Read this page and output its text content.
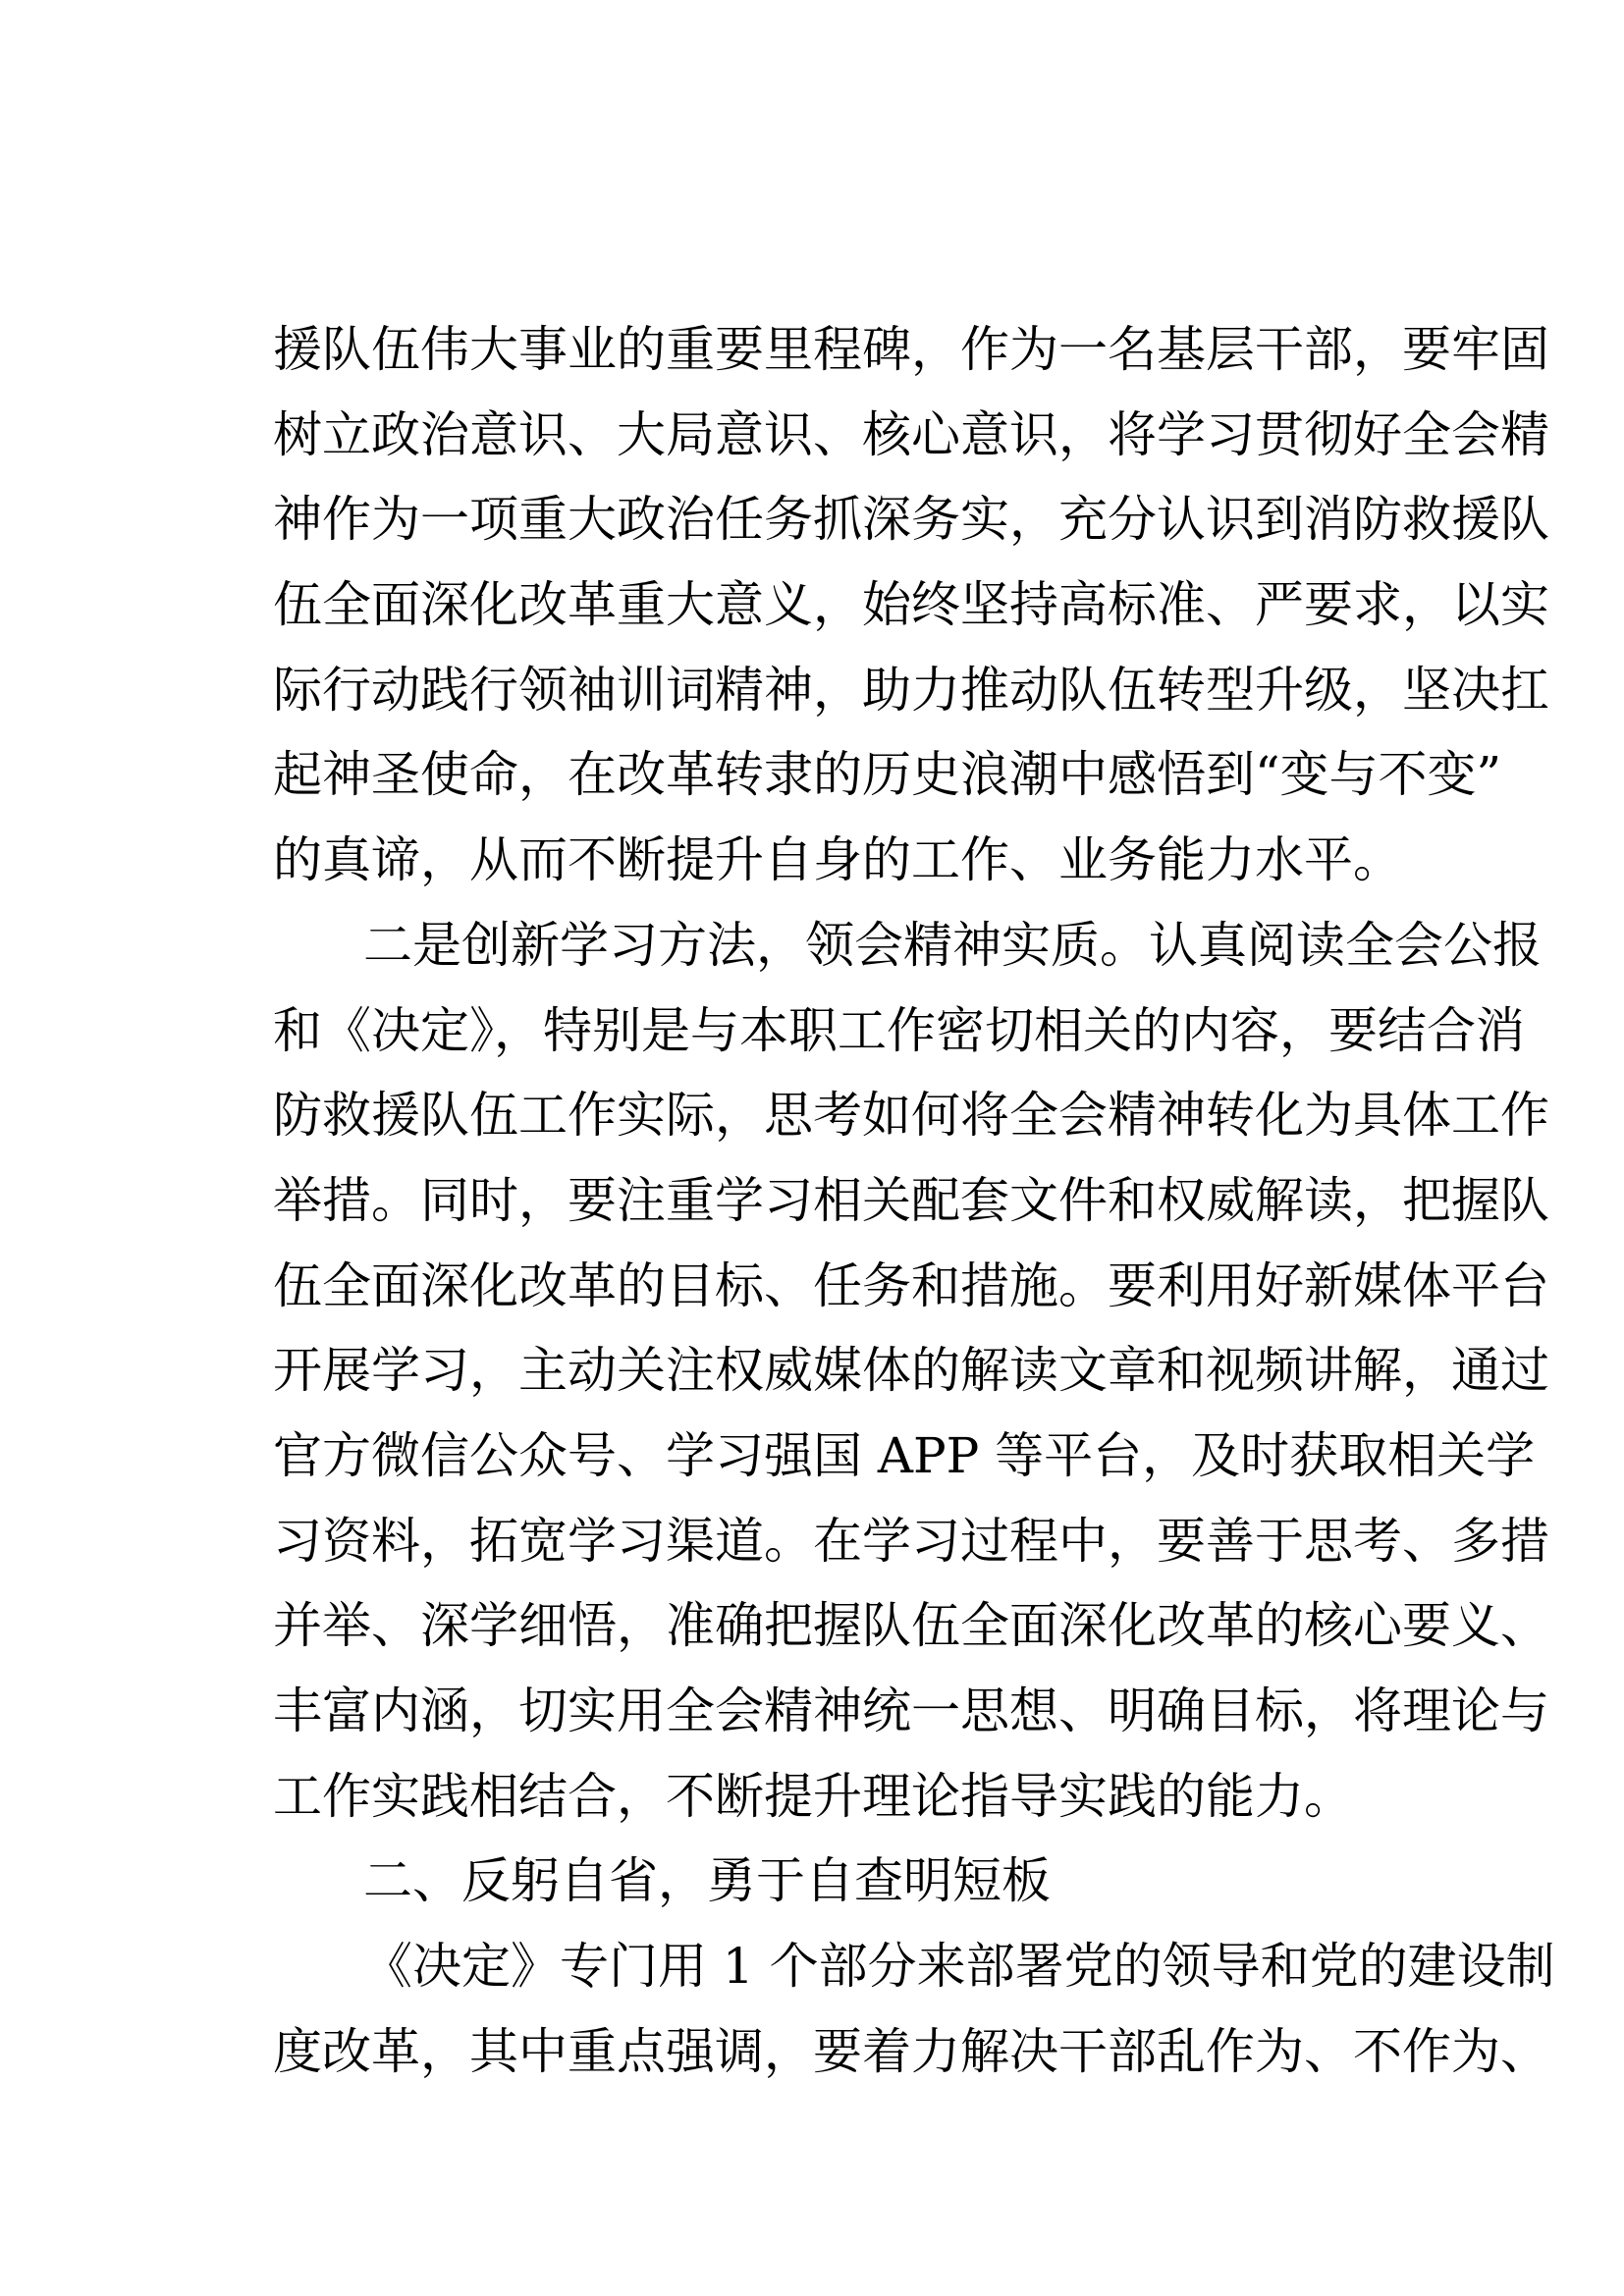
援队伍伟大事业的重要里程碑，作为一名基层干部，要牢固
树立政治意识、大局意识、核心意识，将学习贯彻好全会精
神作为一项重大政治任务抓深务实，充分认识到消防救援队
伍全面深化改革重大意义，始终坚持高标准、严要求，以实
际行动践行领袖训词精神，助力推动队伍转型升级，坚决扛
起神圣使命，在改革转隶的历史浪潮中感悟到“变与不变”
的真谛，从而不断提升自身的工作、业务能力水平。
二是创新学习方法，领会精神实质。认真阅读全会公报
和《决定》，特别是与本职工作密切相关的内容，要结合消
防救援队伍工作实际，思考如何将全会精神转化为具体工作
举措。同时，要注重学习相关配套文件和权威解读，把握队
伍全面深化改革的目标、任务和措施。要利用好新媒体平台
开展学习，主动关注权威媒体的解读文章和视频讲解，通过
官方微信公众号、学习强国 APP 等平台，及时获取相关学
习资料，拓宽学习渠道。在学习过程中，要善于思考、多措
并举、深学细悟，准确把握队伍全面深化改革的核心要义、
丰富内涵，切实用全会精神统一思想、明确目标，将理论与
工作实践相结合，不断提升理论指导实践的能力。
二、反躬自省，勇于自查明短板
《决定》专门用 1 个部分来部署党的领导和党的建设制
度改革，其中重点强调，要着力解决干部乱作为、不作为、
